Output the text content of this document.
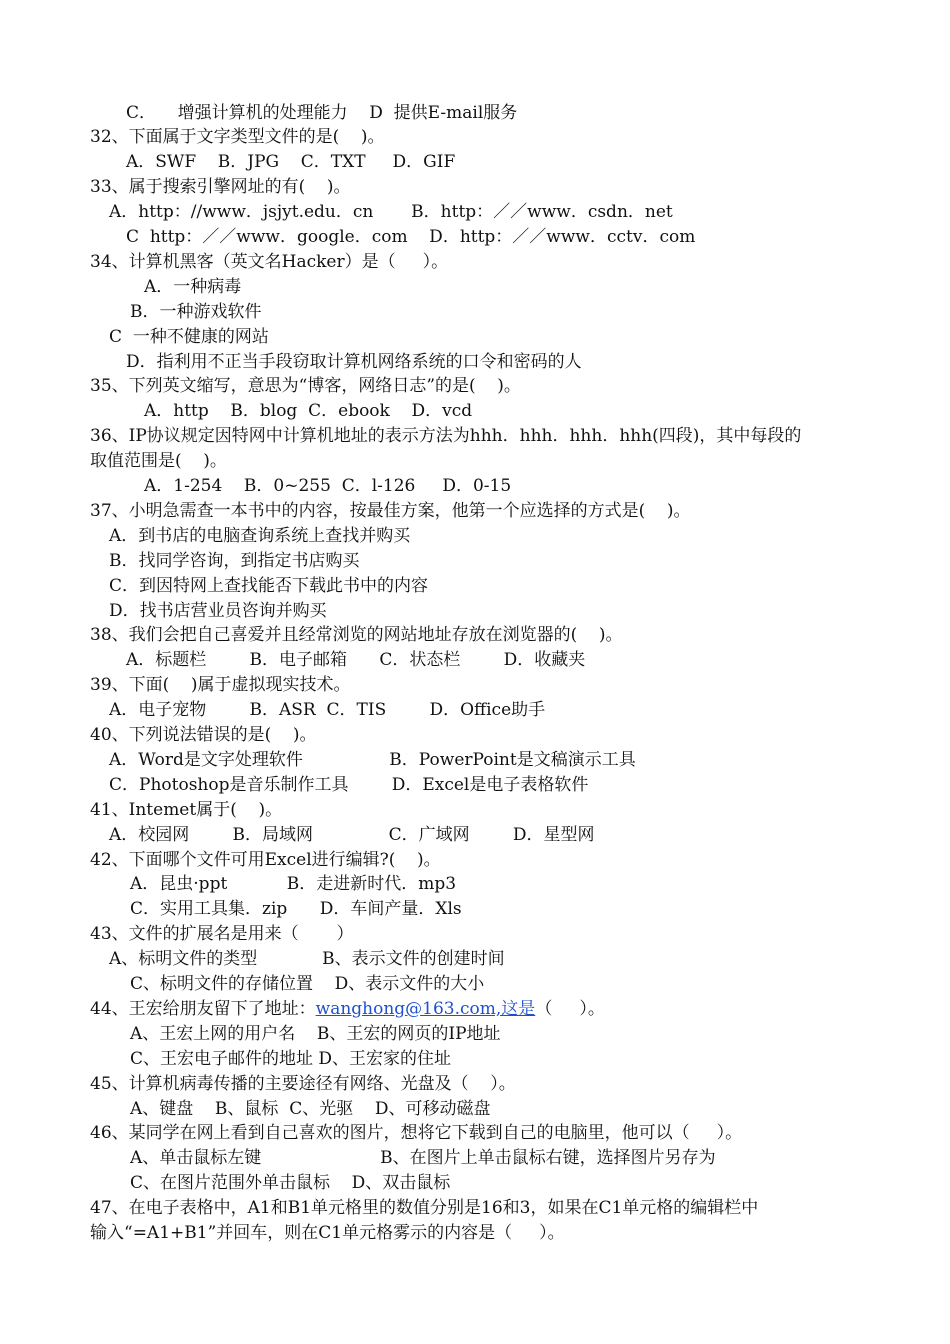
C．    增强计算机的处理能力    D  提供E-mail服务
32、下面属于文字类型文件的是(    )。
A．SWF    B．JPG    C．TXT     D．GIF
33、属于搜索引擎网址的有(    )。
A．http：//www．jsjyt.edu．cn       B．http：／／www．csdn．net
C  http：／／www．google．com    D．http：／／www．cctv．com
34、计算机黑客（英文名Hacker）是（     ）。
A．一种病毒
B．一种游戏软件
C  一种不健康的网站
D．指利用不正当手段窃取计算机网络系统的口令和密码的人
35、下列英文缩写，意思为“博客，网络日志”的是(    )。
A．http    B．blog  C．ebook    D．vcd
36、IP协议规定因特网中计算机地址的表示方法为hhh．hhh．hhh．hhh(四段)，其中每段的
取值范围是(    )。
A．1-254    B．0~255  C．l-126     D．0-15
37、小明急需查一本书中的内容，按最佳方案，他第一个应选择的方式是(    )。
A．到书店的电脑查询系统上查找并购买
B．找同学咨询，到指定书店购买
C．到因特网上查找能否下载此书中的内容
D．找书店营业员咨询并购买
38、我们会把自己喜爱并且经常浏览的网站地址存放在浏览器的(    )。
A．标题栏        B．电子邮箱      C．状态栏        D．收藏夹
39、下面(    )属于虚拟现实技术。
A．电子宠物        B．ASR  C．TIS        D．Office助手
40、下列说法错误的是(    )。
A．Word是文字处理软件                B．PowerPoint是文稿演示工具
C．Photoshop是音乐制作工具        D．Excel是电子表格软件
41、Intemet属于(    )。
A．校园网        B．局域网              C．广域网        D．星型网
42、下面哪个文件可用Excel进行编辑?(    )。
A．昆虫·ppt           B．走进新时代．mp3
C．实用工具集．zip      D．车间产量．Xls
43、文件的扩展名是用来（       ）
A、标明文件的类型            B、表示文件的创建时间
C、标明文件的存储位置    D、表示文件的大小
44、王宏给朋友留下了地址：wanghong@163.com,这是（     ）。
A、王宏上网的用户名    B、王宏的网页的IP地址
C、王宏电子邮件的地址 D、王宏家的住址
45、计算机病毒传播的主要途径有网络、光盘及（    ）。
A、键盘    B、鼠标  C、光驱    D、可移动磁盘
46、某同学在网上看到自己喜欢的图片，想将它下载到自己的电脑里，他可以（     ）。
A、单击鼠标左键                      B、在图片上单击鼠标右键，选择图片另存为
C、在图片范围外单击鼠标    D、双击鼠标
47、在电子表格中，A1和B1单元格里的数值分别是16和3，如果在C1单元格的编辑栏中
输入“=A1+B1”并回车，则在C1单元格雾示的内容是（     ）。
